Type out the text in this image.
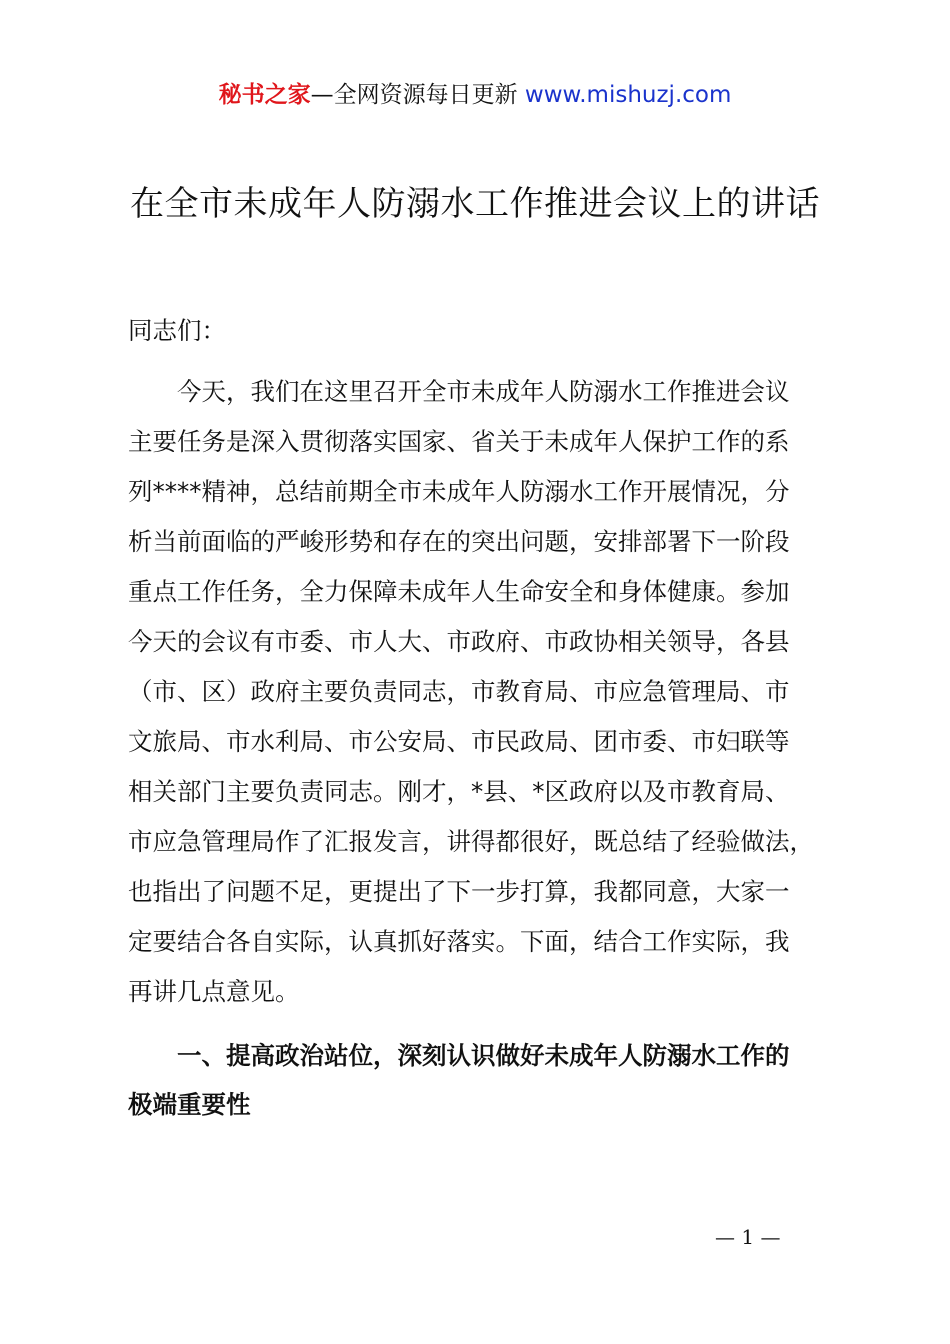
秘书之家—全网资源每日更新 www.mishuzj.com
在全市未成年人防溺水工作推进会议上的讲话
同志们：
　　今天，我们在这里召开全市未成年人防溺水工作推进会议
主要任务是深入贯彻落实国家、省关于未成年人保护工作的系
列****精神，总结前期全市未成年人防溺水工作开展情况，分
析当前面临的严峻形势和存在的突出问题，安排部署下一阶段
重点工作任务，全力保障未成年人生命安全和身体健康。参加
今天的会议有市委、市人大、市政府、市政协相关领导，各县
（市、区）政府主要负责同志，市教育局、市应急管理局、市
文旅局、市水利局、市公安局、市民政局、团市委、市妇联等
相关部门主要负责同志。刚才，*县、*区政府以及市教育局、
市应急管理局作了汇报发言，讲得都很好，既总结了经验做法，
也指出了问题不足，更提出了下一步打算，我都同意，大家一
定要结合各自实际，认真抓好落实。下面，结合工作实际，我
再讲几点意见。
　　一、提高政治站位，深刻认识做好未成年人防溺水工作的
极端重要性
— 1 —
